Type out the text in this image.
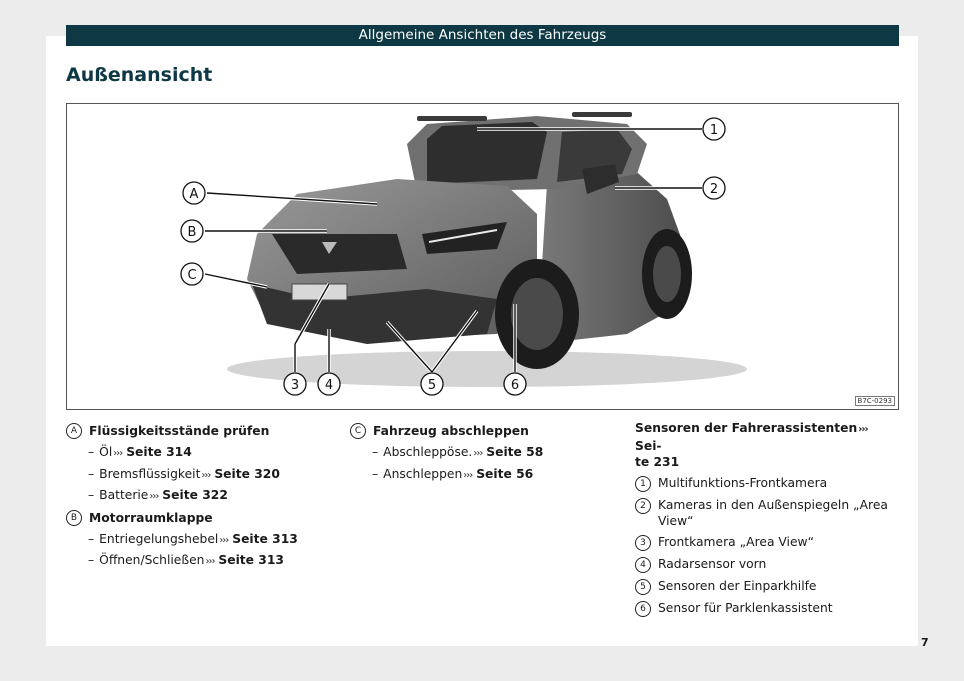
Allgemeine Ansichten des Fahrzeugs
Außenansicht
A
B
C
1
2
3 4	5	6
B7C-0293
A Flüssigkeitsstände prüfen
– Öl››› Seite 314
– Bremsflüssigkeit››› Seite 320
– Batterie››› Seite 322
B Motorraumklappe
– Entriegelungshebel››› Seite 313
– Öffnen/Schließen››› Seite 313
C Fahrzeug abschleppen
– Abschleppöse.››› Seite 58
– Anschleppen››› Seite 56
Sensoren der Fahrerassistenten››› Sei-
te 231
1 Multifunktions-Frontkamera
2 Kameras in den Außenspiegeln „Area View“
3 Frontkamera „Area View“
4 Radarsensor vorn
5 Sensoren der Einparkhilfe
6 Sensor für Parklenkassistent
7
